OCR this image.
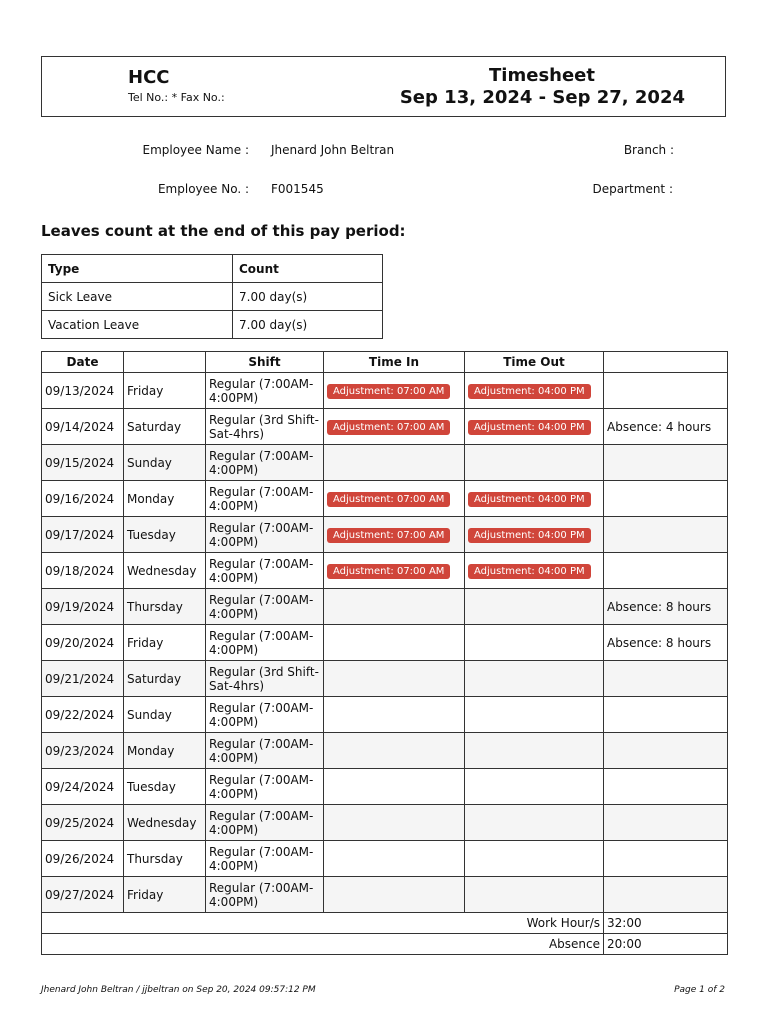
HCC
Tel No.: * Fax No.:
Timesheet
Sep 13, 2024 - Sep 27, 2024
Employee Name : Jhenard John Beltran	Branch :
Employee No. : F001545	Department :
Leaves count at the end of this pay period:
Type	Count
Sick Leave	7.00 day(s)
Vacation Leave	7.00 day(s)
Date		Shift	Time In	Time Out	
09/13/2024	Friday	Regular (7:00AM-4:00PM)	Adjustment: 07:00 AM	Adjustment: 04:00 PM	
09/14/2024	Saturday	Regular (3rd Shift-Sat-4hrs)	Adjustment: 07:00 AM	Adjustment: 04:00 PM	Absence: 4 hours
09/15/2024	Sunday	Regular (7:00AM-4:00PM)			
09/16/2024	Monday	Regular (7:00AM-4:00PM)	Adjustment: 07:00 AM	Adjustment: 04:00 PM	
09/17/2024	Tuesday	Regular (7:00AM-4:00PM)	Adjustment: 07:00 AM	Adjustment: 04:00 PM	
09/18/2024	Wednesday	Regular (7:00AM-4:00PM)	Adjustment: 07:00 AM	Adjustment: 04:00 PM	
09/19/2024	Thursday	Regular (7:00AM-4:00PM)			Absence: 8 hours
09/20/2024	Friday	Regular (7:00AM-4:00PM)			Absence: 8 hours
09/21/2024	Saturday	Regular (3rd Shift-Sat-4hrs)			
09/22/2024	Sunday	Regular (7:00AM-4:00PM)			
09/23/2024	Monday	Regular (7:00AM-4:00PM)			
09/24/2024	Tuesday	Regular (7:00AM-4:00PM)			
09/25/2024	Wednesday	Regular (7:00AM-4:00PM)			
09/26/2024	Thursday	Regular (7:00AM-4:00PM)			
09/27/2024	Friday	Regular (7:00AM-4:00PM)			
Work Hour/s					32:00
Absence					20:00
Jhenard John Beltran / jjbeltran on Sep 20, 2024 09:57:12 PM	Page 1 of 2
